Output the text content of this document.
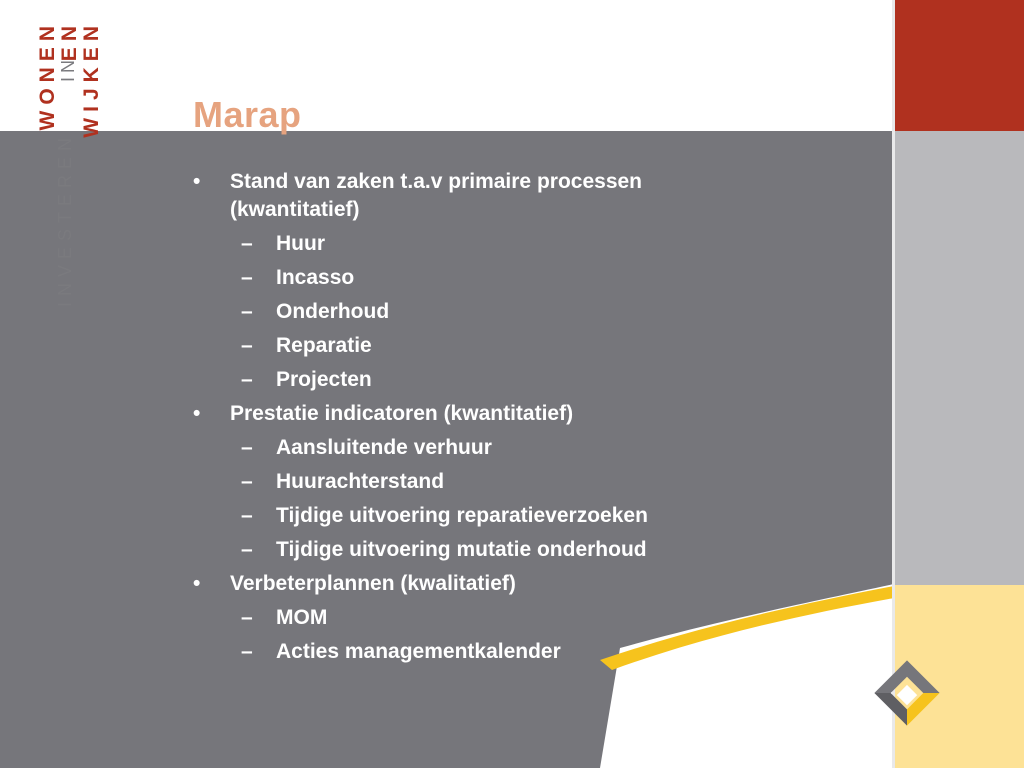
WONEN EN WIJKEN
INVESTEREN
IN
Marap
•	Stand van zaken t.a.v primaire processen (kwantitatief)
– Huur
– Incasso
– Onderhoud
– Reparatie
– Projecten
•	Prestatie indicatoren (kwantitatief)
– Aansluitende verhuur
– Huurachterstand
– Tijdige uitvoering reparatieverzoeken
– Tijdige uitvoering mutatie onderhoud
•	Verbeterplannen (kwalitatief)
– MOM
– Acties managementkalender
